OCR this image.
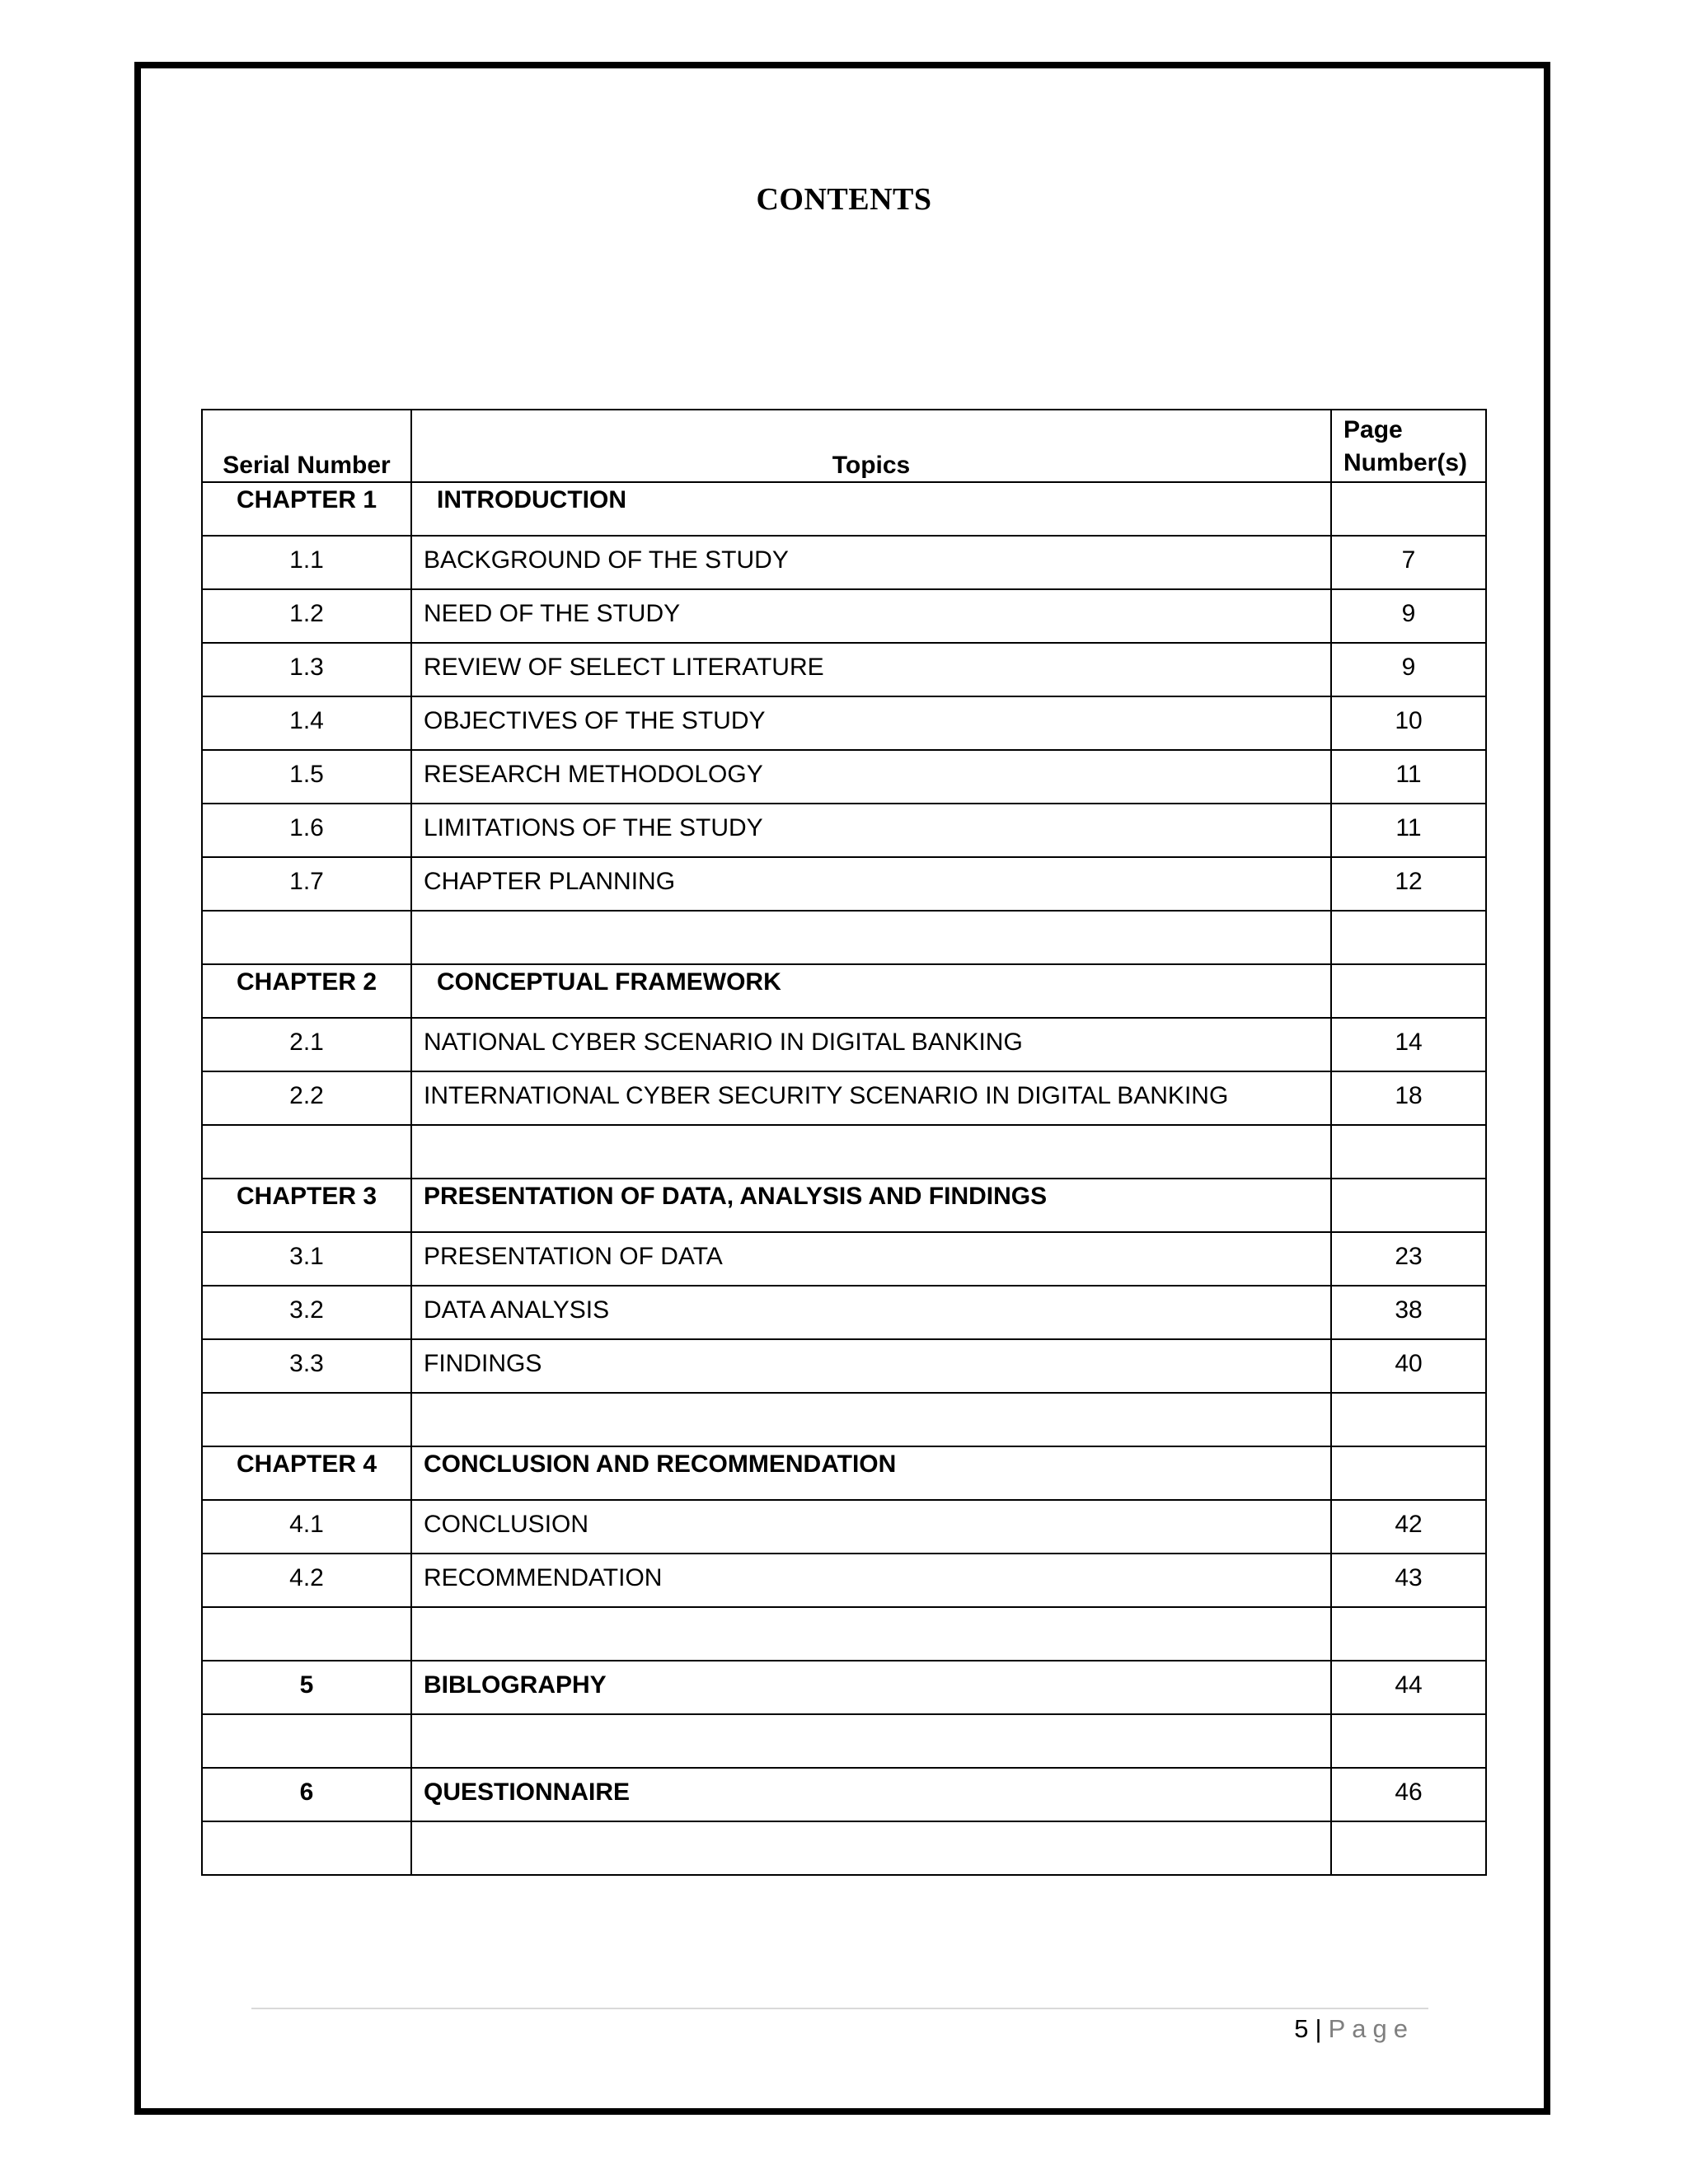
CONTENTS
Serial Number	Topics	Page Number(s)
CHAPTER 1	INTRODUCTION	
1.1	BACKGROUND OF THE STUDY	7
1.2	NEED OF THE STUDY	9
1.3	REVIEW OF SELECT LITERATURE	9
1.4	OBJECTIVES OF THE STUDY	10
1.5	RESEARCH METHODOLOGY	11
1.6	LIMITATIONS OF THE STUDY	11
1.7	CHAPTER PLANNING	12

CHAPTER 2	CONCEPTUAL FRAMEWORK	
2.1	NATIONAL CYBER SCENARIO IN DIGITAL BANKING	14
2.2	INTERNATIONAL CYBER SECURITY SCENARIO IN DIGITAL BANKING	18

CHAPTER 3	PRESENTATION OF DATA, ANALYSIS AND FINDINGS	
3.1	PRESENTATION OF DATA	23
3.2	DATA ANALYSIS	38
3.3	FINDINGS	40

CHAPTER 4	CONCLUSION AND RECOMMENDATION	
4.1	CONCLUSION	42
4.2	RECOMMENDATION	43

5	BIBLOGRAPHY	44

6	QUESTIONNAIRE	46

5 | Page
